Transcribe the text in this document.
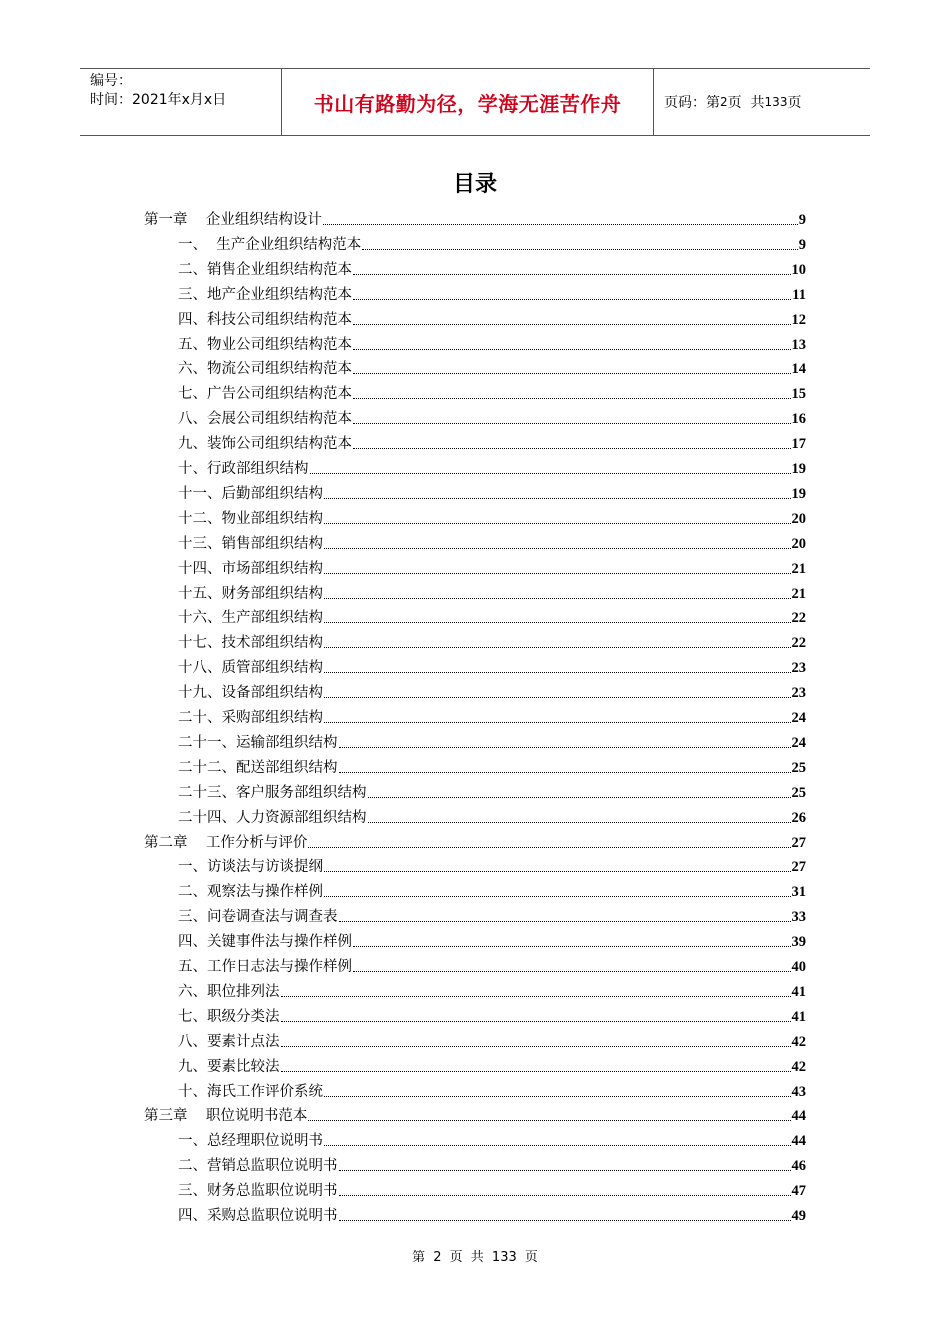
编号：
时间：2021年x月x日	书山有路勤为径，学海无涯苦作舟	页码：第 2 页  共 133 页
目录
第一章    企业组织结构设计	9
一、  生产企业组织结构范本	9
二、销售企业组织结构范本	10
三、地产企业组织结构范本	11
四、科技公司组织结构范本	12
五、物业公司组织结构范本	13
六、物流公司组织结构范本	14
七、广告公司组织结构范本	15
八、会展公司组织结构范本	16
九、装饰公司组织结构范本	17
十、行政部组织结构	19
十一、后勤部组织结构	19
十二、物业部组织结构	20
十三、销售部组织结构	20
十四、市场部组织结构	21
十五、财务部组织结构	21
十六、生产部组织结构	22
十七、技术部组织结构	22
十八、质管部组织结构	23
十九、设备部组织结构	23
二十、采购部组织结构	24
二十一、运输部组织结构	24
二十二、配送部组织结构	25
二十三、客户服务部组织结构	25
二十四、人力资源部组织结构	26
第二章    工作分析与评价	27
一、访谈法与访谈提纲	27
二、观察法与操作样例	31
三、问卷调查法与调查表	33
四、关键事件法与操作样例	39
五、工作日志法与操作样例	40
六、职位排列法	41
七、职级分类法	41
八、要素计点法	42
九、要素比较法	42
十、海氏工作评价系统	43
第三章    职位说明书范本	44
一、总经理职位说明书	44
二、营销总监职位说明书	46
三、财务总监职位说明书	47
四、采购总监职位说明书	49
第 2 页 共 133 页
